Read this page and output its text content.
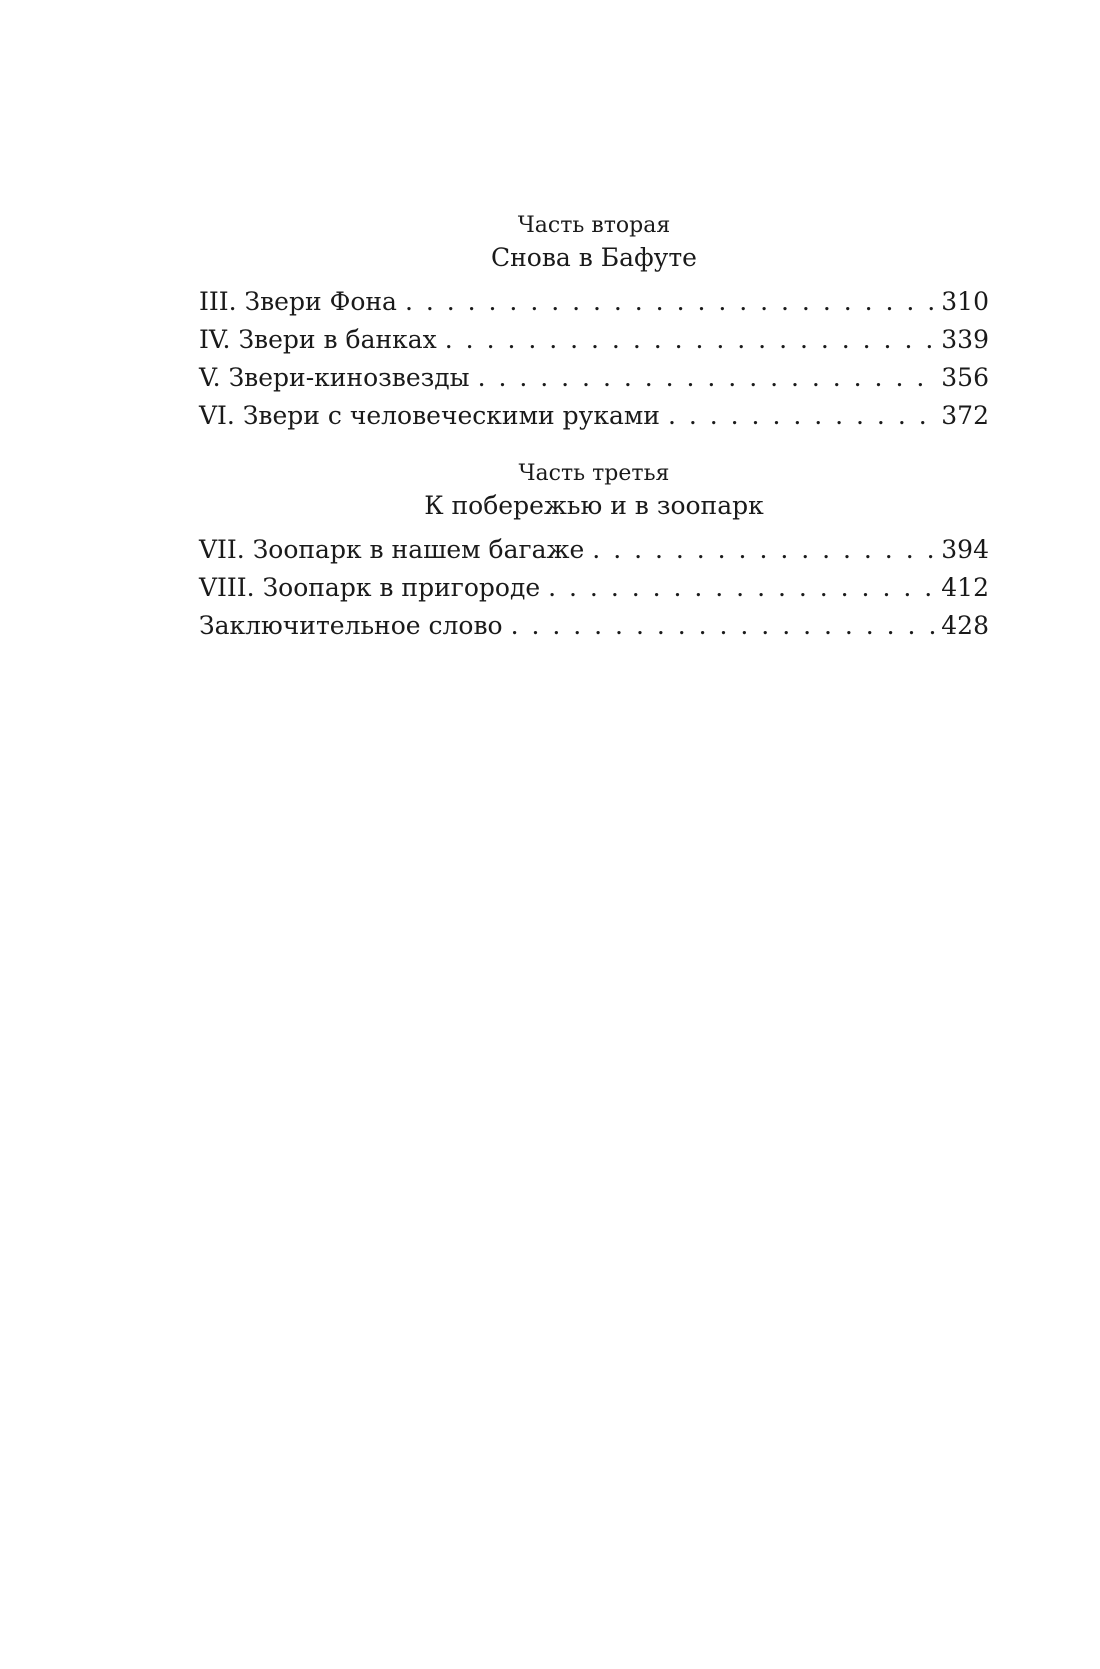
Часть вторая
Снова в Бафуте
III. Звери Фона . . .	310
IV. Звери в банках . . .	339
V. Звери-кинозвезды . . .	356
VI. Звери с человеческими руками . . .	372
Часть третья
К побережью и в зоопарк
VII. Зоопарк в нашем багаже . . .	394
VIII. Зоопарк в пригороде . . .	412
Заключительное слово . . .	428
